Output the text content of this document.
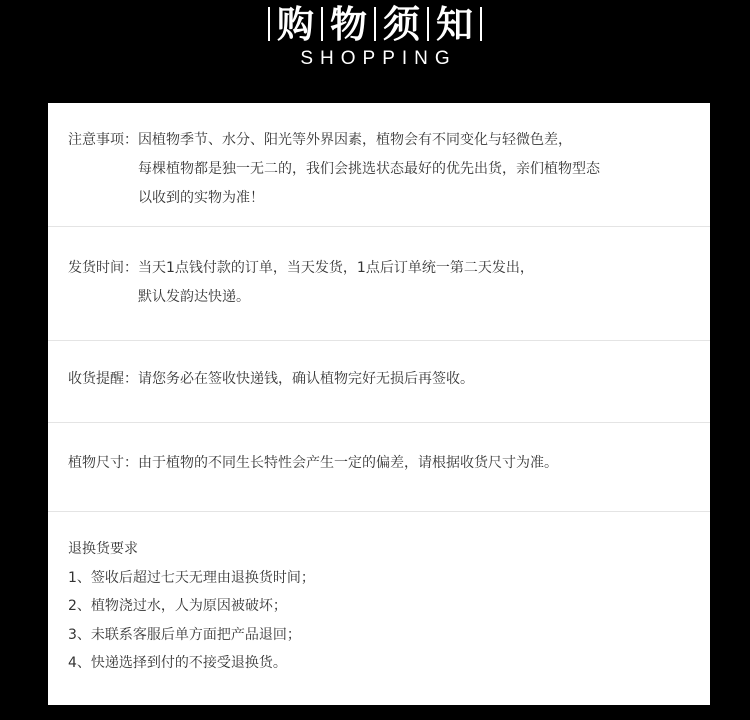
购 物 须 知
SHOPPING
注意事项： 因植物季节、水分、阳光等外界因素，植物会有不同变化与轻微色差，
每棵植物都是独一无二的，我们会挑选状态最好的优先出货，亲们植物型态
以收到的实物为准！
发货时间： 当天1点钱付款的订单，当天发货，1点后订单统一第二天发出，
默认发韵达快递。
收货提醒： 请您务必在签收快递钱，确认植物完好无损后再签收。
植物尺寸： 由于植物的不同生长特性会产生一定的偏差，请根据收货尺寸为准。
退换货要求
1、签收后超过七天无理由退换货时间；
2、植物浇过水，人为原因被破坏；
3、未联系客服后单方面把产品退回；
4、快递选择到付的不接受退换货。
